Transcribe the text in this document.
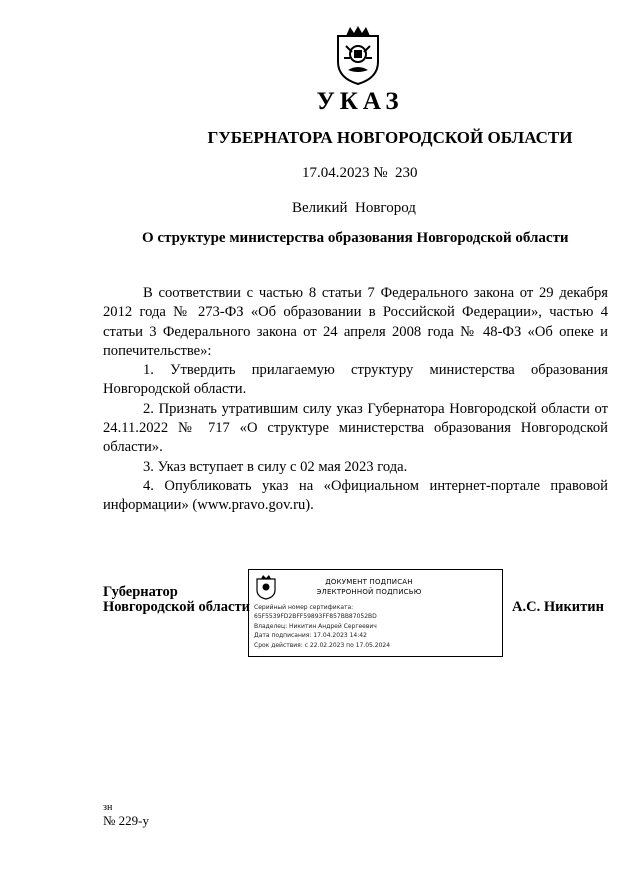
УКАЗ
ГУБЕРНАТОРА НОВГОРОДСКОЙ ОБЛАСТИ
17.04.2023 №  230
Великий  Новгород
О структуре министерства образования Новгородской области

В соответствии с частью 8 статьи 7 Федерального закона от 29 декабря 2012 года № 273-ФЗ «Об образовании в Российской Федерации», частью 4 статьи 3 Федерального закона от 24 апреля 2008 года № 48-ФЗ «Об опеке и попечительстве»:

1. Утвердить прилагаемую структуру министерства образования Новгородской области.

2. Признать утратившим силу указ Губернатора Новгородской области от 24.11.2022 № 717 «О структуре министерства образования Новгородской области».

3. Указ вступает в силу с 02 мая 2023 года.

4. Опубликовать указ на «Официальном интернет-портале правовой информации» (www.pravo.gov.ru).

Губернатор
Новгородской области
ДОКУМЕНТ ПОДПИСАН
ЭЛЕКТРОННОЙ ПОДПИСЬЮ
Серийный номер сертификата:
65F5539FD2BFF59893FF857BB87052BD
Владелец: Никитин Андрей Сергеевич
Дата подписания: 17.04.2023 14:42
Срок действия: с 22.02.2023 по 17.05.2024
А.С. Никитин
зн
№ 229-у
